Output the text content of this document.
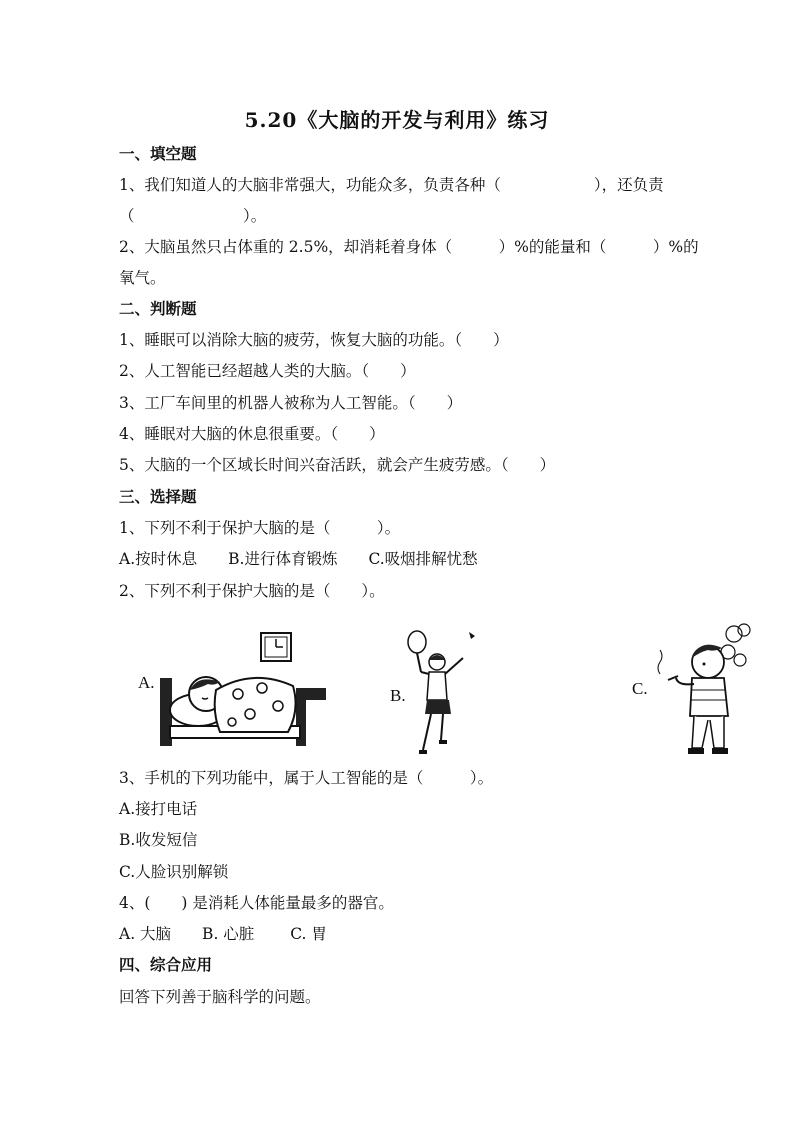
5.20《大脑的开发与利用》练习
一、填空题
1、我们知道人的大脑非常强大，功能众多，负责各种（　　　　　　），还负责
（　　　　　　　）。
2、大脑虽然只占体重的 2.5%，却消耗着身体（　　　）%的能量和（　　　）%的
氧气。
二、判断题
1、睡眠可以消除大脑的疲劳，恢复大脑的功能。（　　）
2、人工智能已经超越人类的大脑。（　　）
3、工厂车间里的机器人被称为人工智能。（　　）
4、睡眠对大脑的休息很重要。（　　）
5、大脑的一个区域长时间兴奋活跃，就会产生疲劳感。（　　）
三、选择题
1、下列不利于保护大脑的是（　　　）。
A.按时休息　　B.进行体育锻炼　　C.吸烟排解忧愁
2、下列不利于保护大脑的是（　　）。
A.
B.	C.
3、手机的下列功能中，属于人工智能的是（　　　）。
A.接打电话
B.收发短信
C.人脸识别解锁
4、(　　) 是消耗人体能量最多的器官。
A. 大脑　　B. 心脏　　 C. 胃
四、综合应用
回答下列善于脑科学的问题。
